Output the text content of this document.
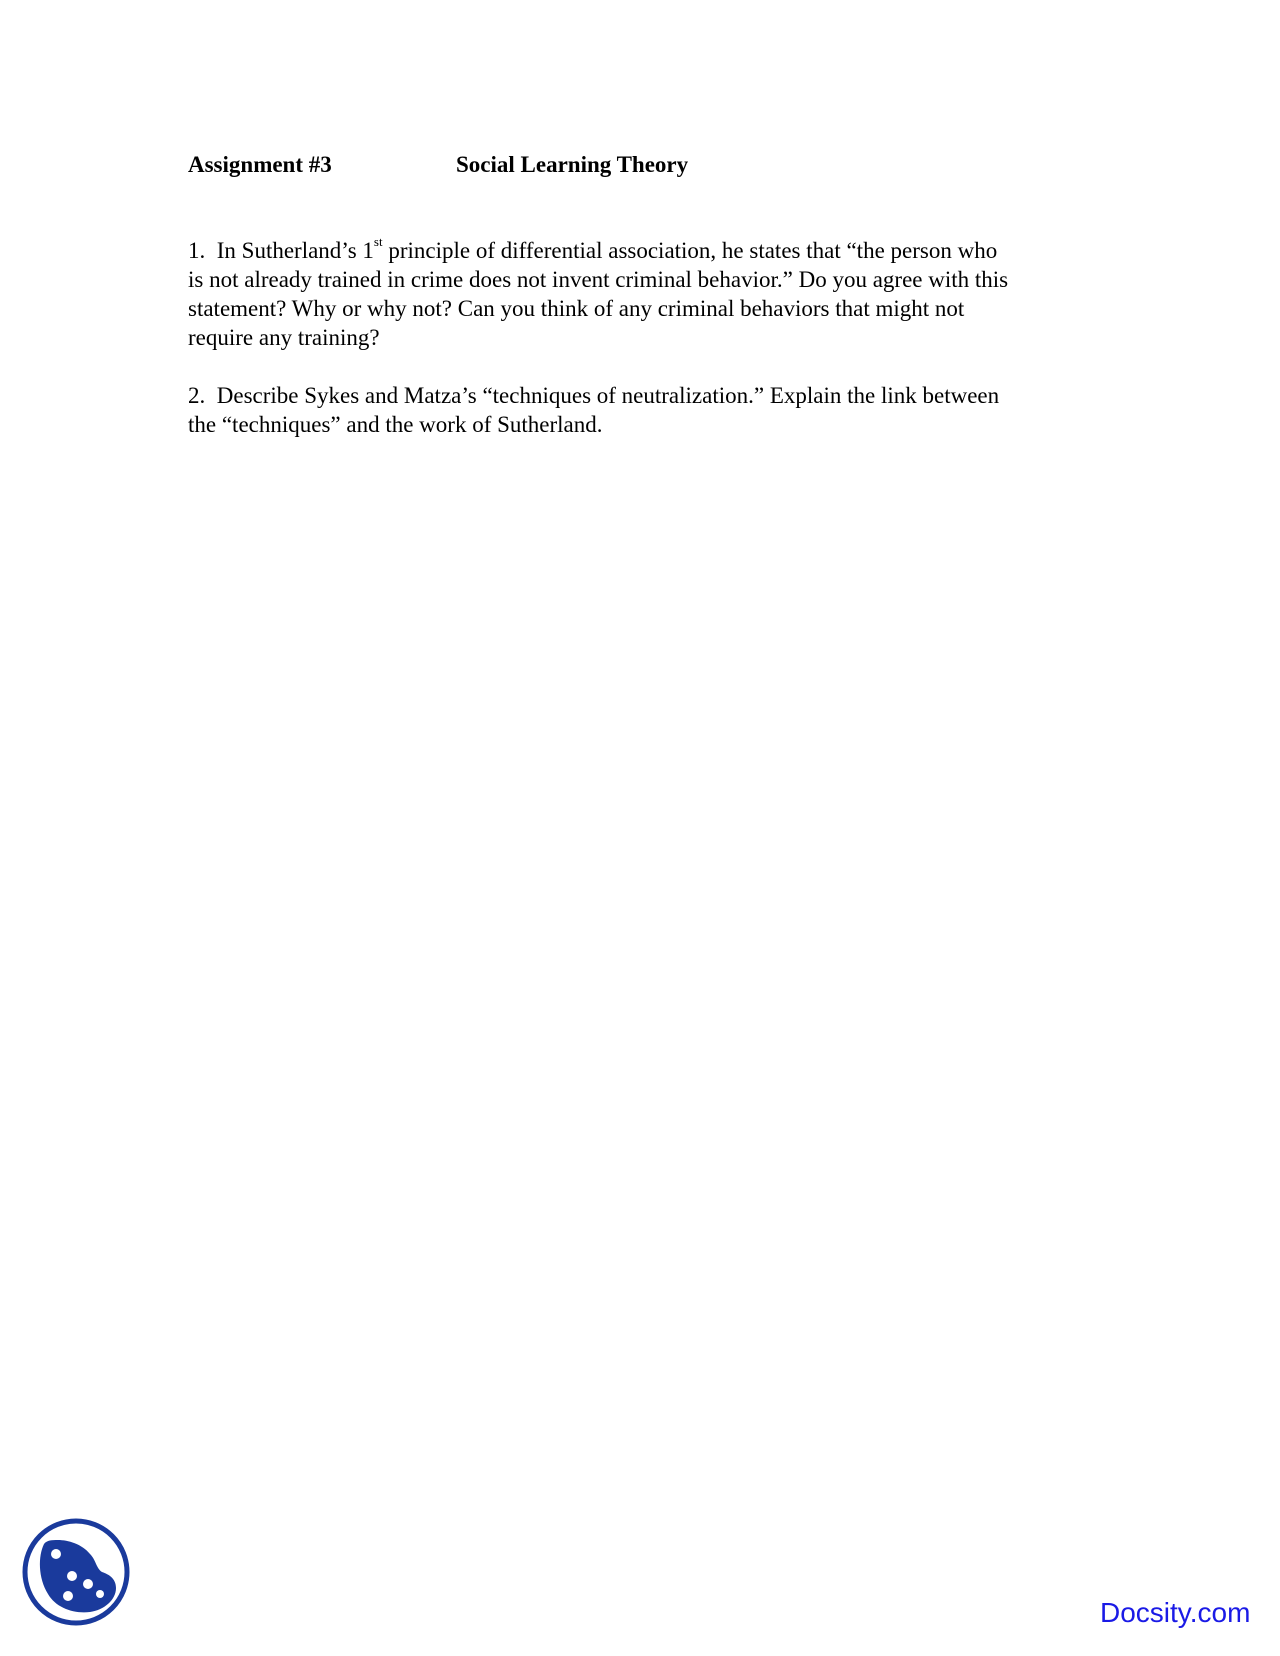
Assignment #3	Social Learning Theory
1. In Sutherland’s 1st principle of differential association, he states that “the person who
is not already trained in crime does not invent criminal behavior.” Do you agree with this
statement? Why or why not? Can you think of any criminal behaviors that might not
require any training?
2. Describe Sykes and Matza’s “techniques of neutralization.” Explain the link between
the “techniques” and the work of Sutherland.
Docsity.com
